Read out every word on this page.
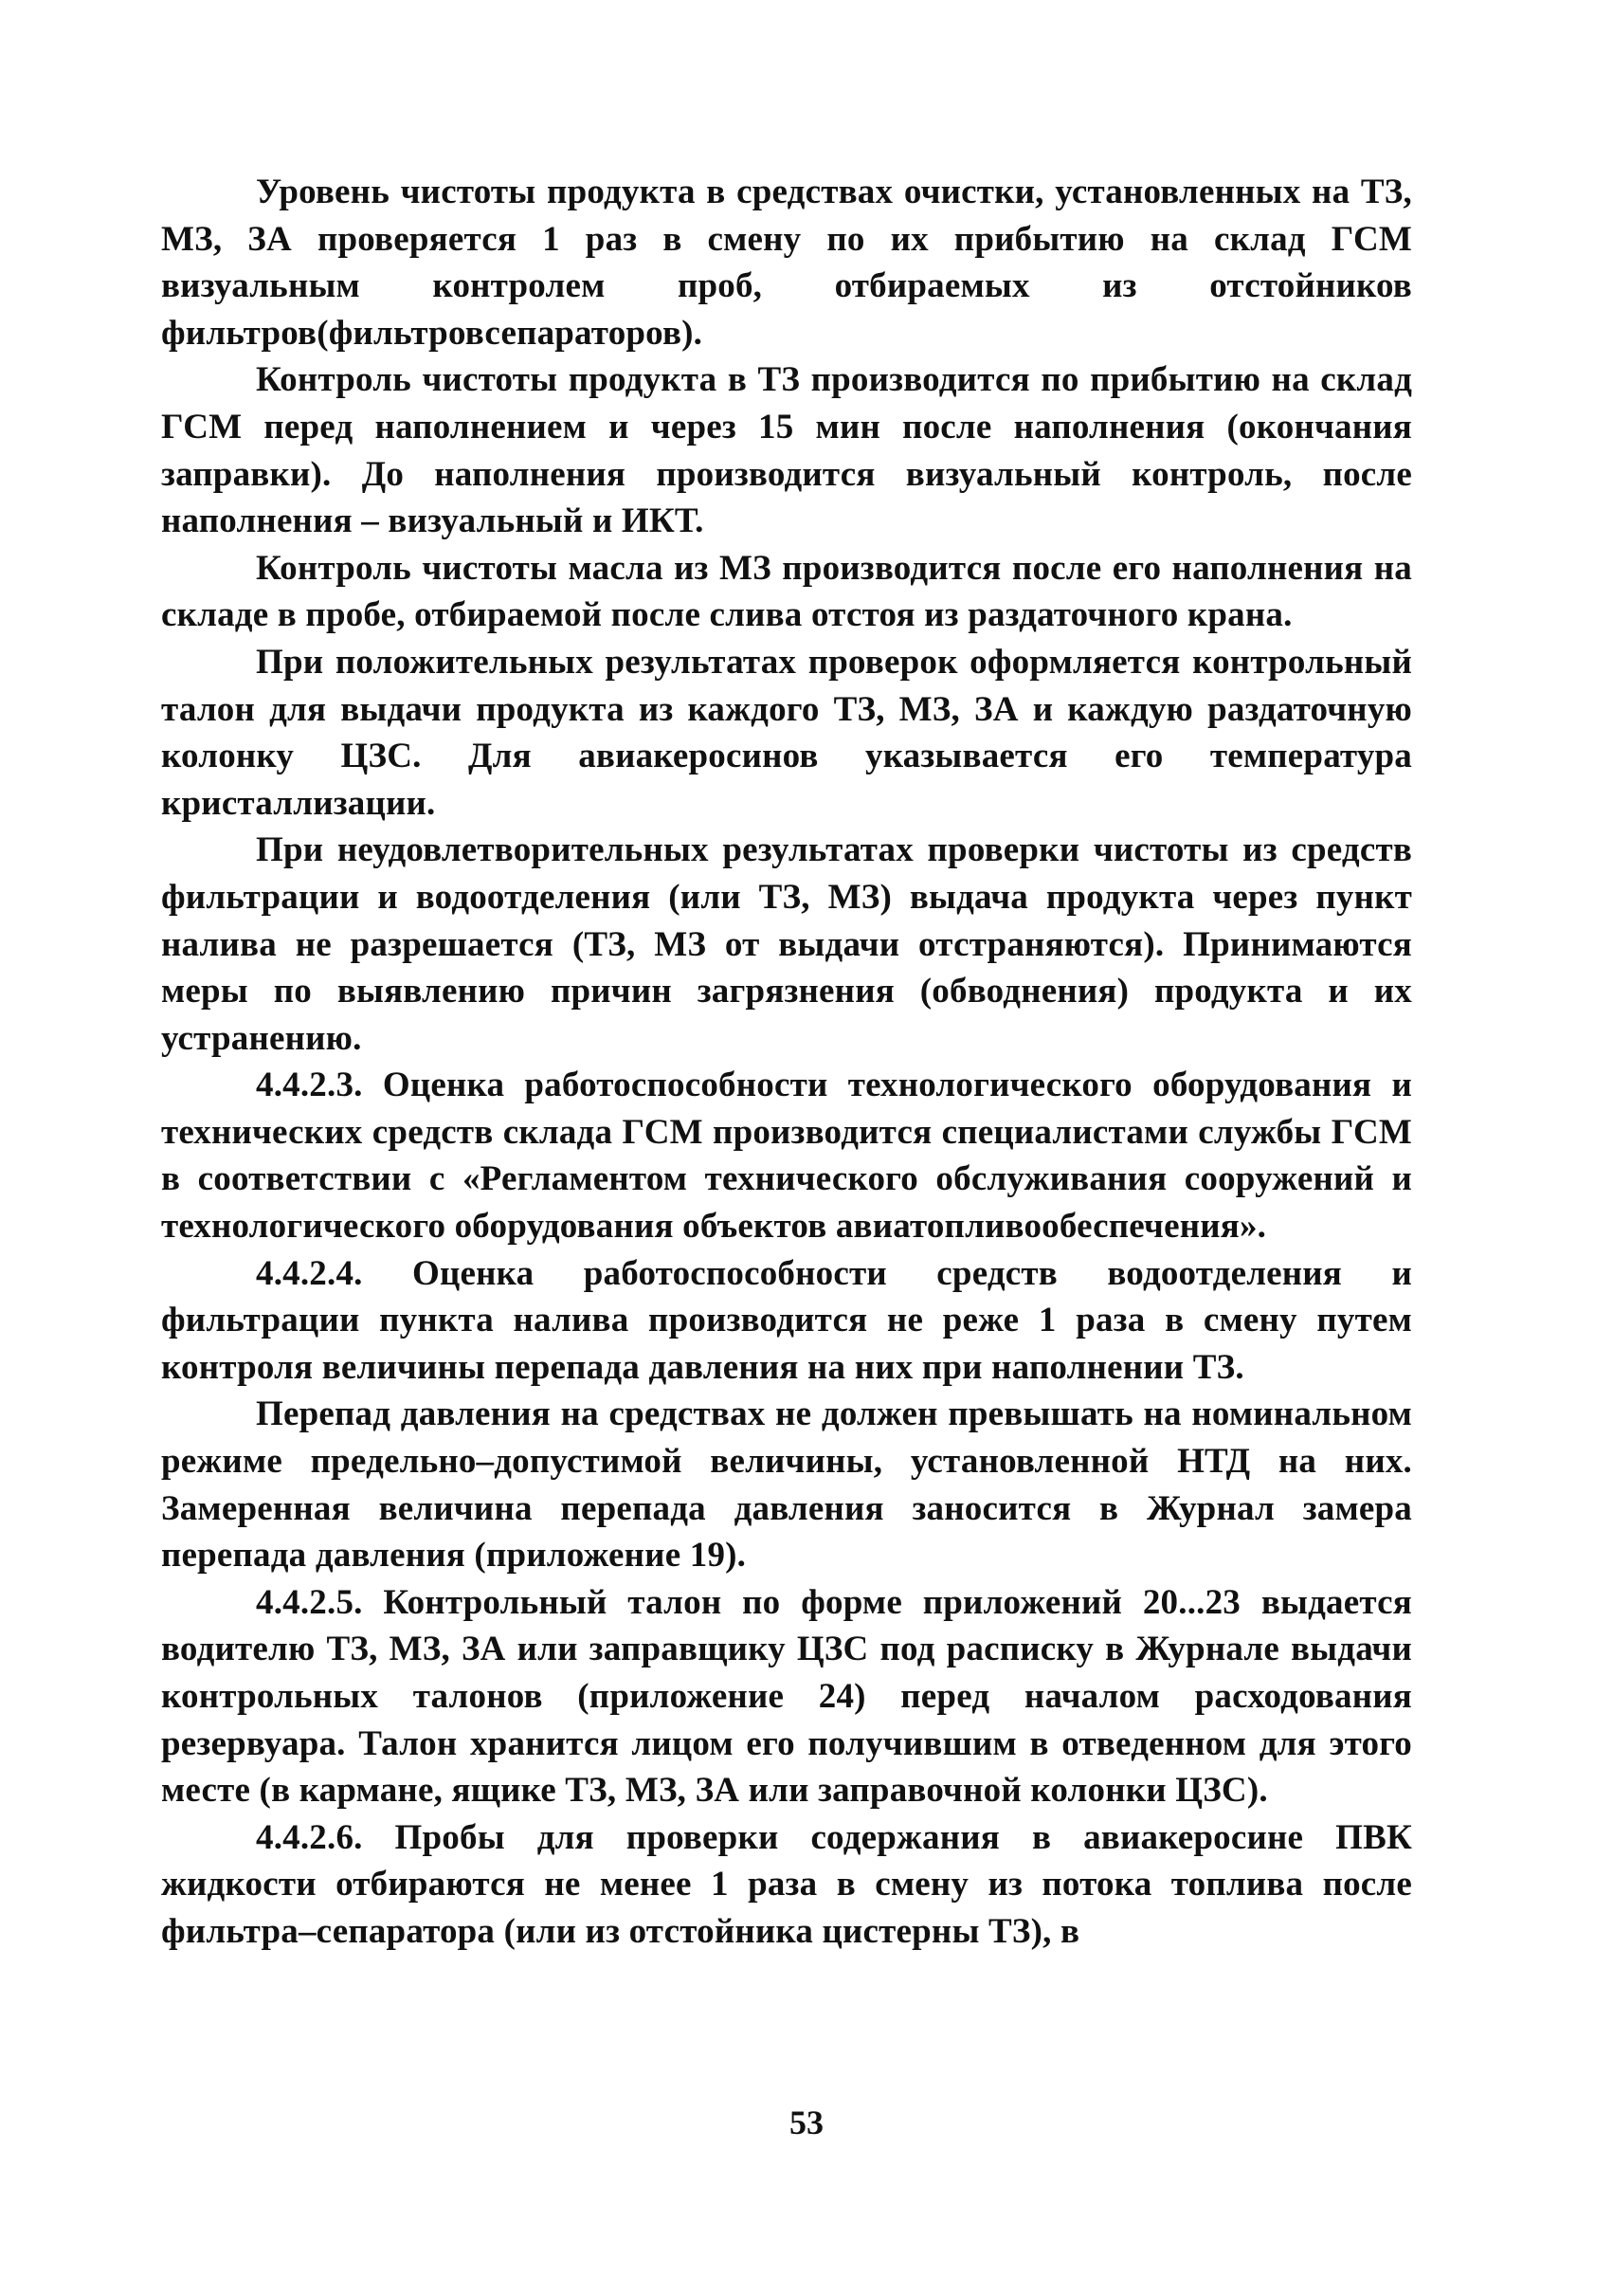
Уровень чистоты продукта в средствах очистки, установленных на ТЗ, МЗ, ЗА проверяется 1 раз в смену по их прибытию на склад ГСМ визуальным контролем проб, отбираемых из отстойников фильтров(фильтровсепараторов).

Контроль чистоты продукта в ТЗ производится по прибытию на склад ГСМ перед наполнением и через 15 мин после наполнения (окончания заправки). До наполнения производится визуальный контроль, после наполнения – визуальный и ИКТ.

Контроль чистоты масла из МЗ производится после его наполнения на складе в пробе, отбираемой после слива отстоя из раздаточного крана.

При положительных результатах проверок оформляется контрольный талон для выдачи продукта из каждого ТЗ, МЗ, ЗА и каждую раздаточную колонку ЦЗС. Для авиакеросинов указывается его температура кристаллизации.

При неудовлетворительных результатах проверки чистоты из средств фильтрации и водоотделения (или ТЗ, МЗ) выдача продукта через пункт налива не разрешается (ТЗ, МЗ от выдачи отстраняются). Принимаются меры по выявлению причин загрязнения (обводнения) продукта и их устранению.

4.4.2.3. Оценка работоспособности технологического оборудования и технических средств склада ГСМ производится специалистами службы ГСМ в соответствии с «Регламентом технического обслуживания сооружений и технологического оборудования объектов авиатопливообеспечения».

4.4.2.4. Оценка работоспособности средств водоотделения и фильтрации пункта налива производится не реже 1 раза в смену путем контроля величины перепада давления на них при наполнении ТЗ.

Перепад давления на средствах не должен превышать на номинальном режиме предельно–допустимой величины, установленной НТД на них. Замеренная величина перепада давления заносится в Журнал замера перепада давления (приложение 19).

4.4.2.5. Контрольный талон по форме приложений 20...23 выдается водителю ТЗ, МЗ, ЗА или заправщику ЦЗС под расписку в Журнале выдачи контрольных талонов (приложение 24) перед началом расходования резервуара. Талон хранится лицом его получившим в отведенном для этого месте (в кармане, ящике ТЗ, МЗ, ЗА или заправочной колонки ЦЗС).

4.4.2.6. Пробы для проверки содержания в авиакеросине ПВК жидкости отбираются не менее 1 раза в смену из потока топлива после фильтра–сепаратора (или из отстойника цистерны ТЗ), в

53
